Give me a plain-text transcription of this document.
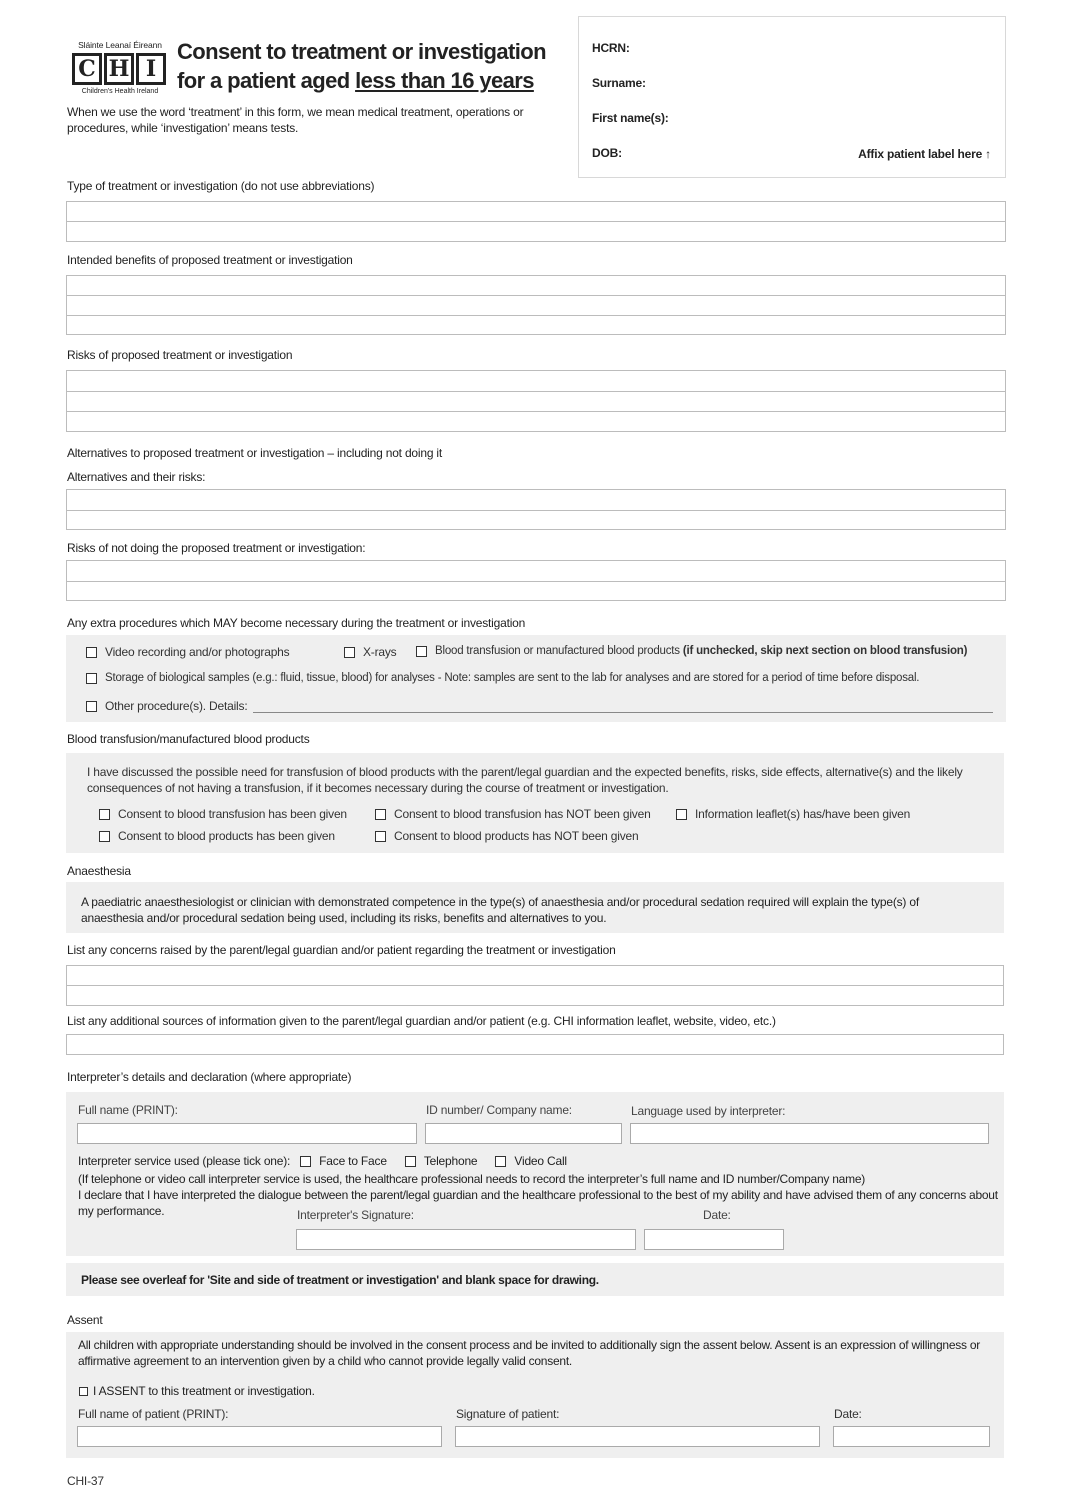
Sláinte Leanaí Éireann
C H I
Children's Health Ireland
Consent to treatment or investigation
for a patient aged less than 16 years
When we use the word ‘treatment’ in this form, we mean medical treatment, operations or procedures, while ‘investigation’ means tests.
HCRN:
Surname:
First name(s):
DOB:	Affix patient label here ↑
Type of treatment or investigation (do not use abbreviations)
Intended benefits of proposed treatment or investigation
Risks of proposed treatment or investigation
Alternatives to proposed treatment or investigation – including not doing it
Alternatives and their risks:
Risks of not doing the proposed treatment or investigation:
Any extra procedures which MAY become necessary during the treatment or investigation
Video recording and/or photographs	X-rays	Blood transfusion or manufactured blood products (if unchecked, skip next section on blood transfusion)
Storage of biological samples (e.g.: fluid, tissue, blood) for analyses - Note: samples are sent to the lab for analyses and are stored for a period of time before disposal.
Other procedure(s). Details:
Blood transfusion/manufactured blood products
I have discussed the possible need for transfusion of blood products with the parent/legal guardian and the expected benefits, risks, side effects, alternative(s) and the likely consequences of not having a transfusion, if it becomes necessary during the course of treatment or investigation.
Consent to blood transfusion has been given	Consent to blood transfusion has NOT been given	Information leaflet(s) has/have been given
Consent to blood products has been given	Consent to blood products has NOT been given
Anaesthesia
A paediatric anaesthesiologist or clinician with demonstrated competence in the type(s) of anaesthesia and/or procedural sedation required will explain the type(s) of anaesthesia and/or procedural sedation being used, including its risks, benefits and alternatives to you.
List any concerns raised by the parent/legal guardian and/or patient regarding the treatment or investigation
List any additional sources of information given to the parent/legal guardian and/or patient (e.g. CHI information leaflet, website, video, etc.)
Interpreter’s details and declaration (where appropriate)
Full name (PRINT):	ID number/ Company name:	Language used by interpreter:
Interpreter service used (please tick one): Face to Face	Telephone	Video Call
(If telephone or video call interpreter service is used, the healthcare professional needs to record the interpreter’s full name and ID number/Company name)
I declare that I have interpreted the dialogue between the parent/legal guardian and the healthcare professional to the best of my ability and have advised them of any concerns about my performance.	Interpreter's Signature:	Date:
Please see overleaf for 'Site and side of treatment or investigation' and blank space for drawing.
Assent
All children with appropriate understanding should be involved in the consent process and be invited to additionally sign the assent below. Assent is an expression of willingness or affirmative agreement to an intervention given by a child who cannot provide legally valid consent.
I ASSENT to this treatment or investigation.
Full name of patient (PRINT):	Signature of patient:	Date:
CHI-37
